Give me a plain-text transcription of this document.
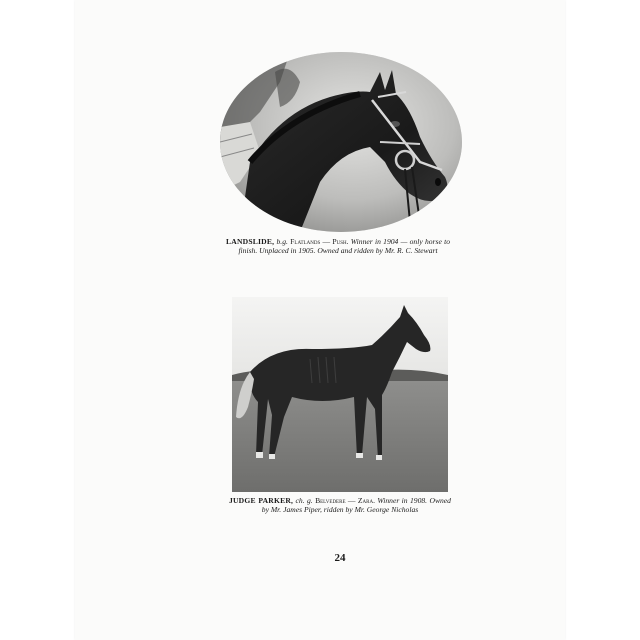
LANDSLIDE, b.g. Flatlands — Push. Winner in 1904 — only horse to finish. Unplaced in 1905. Owned and ridden by Mr. R. C. Stewart
JUDGE PARKER, ch. g. Belvedere — Zara. Winner in 1908. Owned by Mr. James Piper, ridden by Mr. George Nicholas
24
